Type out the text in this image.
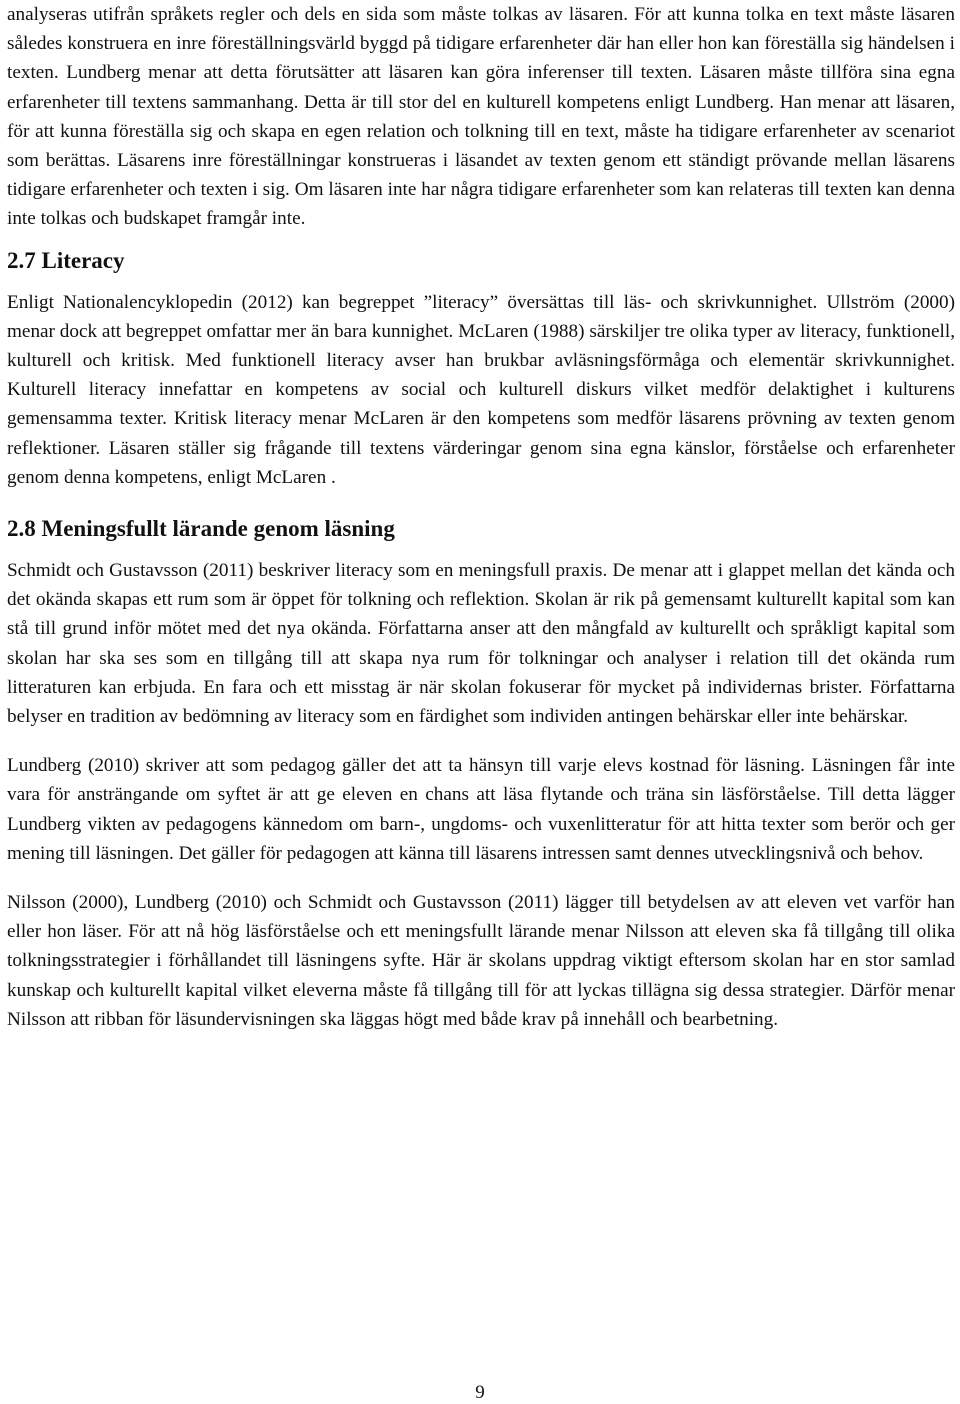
analyseras utifrån språkets regler och dels en sida som måste tolkas av läsaren. För att kunna tolka en text måste läsaren således konstruera en inre föreställningsvärld byggd på tidigare erfarenheter där han eller hon kan föreställa sig händelsen i texten. Lundberg menar att detta förutsätter att läsaren kan göra inferenser till texten. Läsaren måste tillföra sina egna erfarenheter till textens sammanhang. Detta är till stor del en kulturell kompetens enligt Lundberg. Han menar att läsaren, för att kunna föreställa sig och skapa en egen relation och tolkning till en text, måste ha tidigare erfarenheter av scenariot som berättas. Läsarens inre föreställningar konstrueras i läsandet av texten genom ett ständigt prövande mellan läsarens tidigare erfarenheter och texten i sig. Om läsaren inte har några tidigare erfarenheter som kan relateras till texten kan denna inte tolkas och budskapet framgår inte.

2.7 Literacy

Enligt Nationalencyklopedin (2012) kan begreppet ”literacy” översättas till läs- och skrivkunnighet. Ullström (2000) menar dock att begreppet omfattar mer än bara kunnighet. McLaren (1988) särskiljer tre olika typer av literacy, funktionell, kulturell och kritisk. Med funktionell literacy avser han brukbar avläsningsförmåga och elementär skrivkunnighet. Kulturell literacy innefattar en kompetens av social och kulturell diskurs vilket medför delaktighet i kulturens gemensamma texter. Kritisk literacy menar McLaren är den kompetens som medför läsarens prövning av texten genom reflektioner. Läsaren ställer sig frågande till textens värderingar genom sina egna känslor, förståelse och erfarenheter genom denna kompetens, enligt McLaren .

2.8 Meningsfullt lärande genom läsning

Schmidt och Gustavsson (2011) beskriver literacy som en meningsfull praxis. De menar att i glappet mellan det kända och det okända skapas ett rum som är öppet för tolkning och reflektion. Skolan är rik på gemensamt kulturellt kapital som kan stå till grund inför mötet med det nya okända. Författarna anser att den mångfald av kulturellt och språkligt kapital som skolan har ska ses som en tillgång till att skapa nya rum för tolkningar och analyser i relation till det okända rum litteraturen kan erbjuda. En fara och ett misstag är när skolan fokuserar för mycket på individernas brister. Författarna belyser en tradition av bedömning av literacy som en färdighet som individen antingen behärskar eller inte behärskar.

Lundberg (2010) skriver att som pedagog gäller det att ta hänsyn till varje elevs kostnad för läsning. Läsningen får inte vara för ansträngande om syftet är att ge eleven en chans att läsa flytande och träna sin läsförståelse. Till detta lägger Lundberg vikten av pedagogens kännedom om barn-, ungdoms- och vuxenlitteratur för att hitta texter som berör och ger mening till läsningen. Det gäller för pedagogen att känna till läsarens intressen samt dennes utvecklingsnivå och behov.

Nilsson (2000), Lundberg (2010) och Schmidt och Gustavsson (2011) lägger till betydelsen av att eleven vet varför han eller hon läser. För att nå hög läsförståelse och ett meningsfullt lärande menar Nilsson att eleven ska få tillgång till olika tolkningsstrategier i förhållandet till läsningens syfte. Här är skolans uppdrag viktigt eftersom skolan har en stor samlad kunskap och kulturellt kapital vilket eleverna måste få tillgång till för att lyckas tillägna sig dessa strategier. Därför menar Nilsson att ribban för läsundervisningen ska läggas högt med både krav på innehåll och bearbetning.

9
